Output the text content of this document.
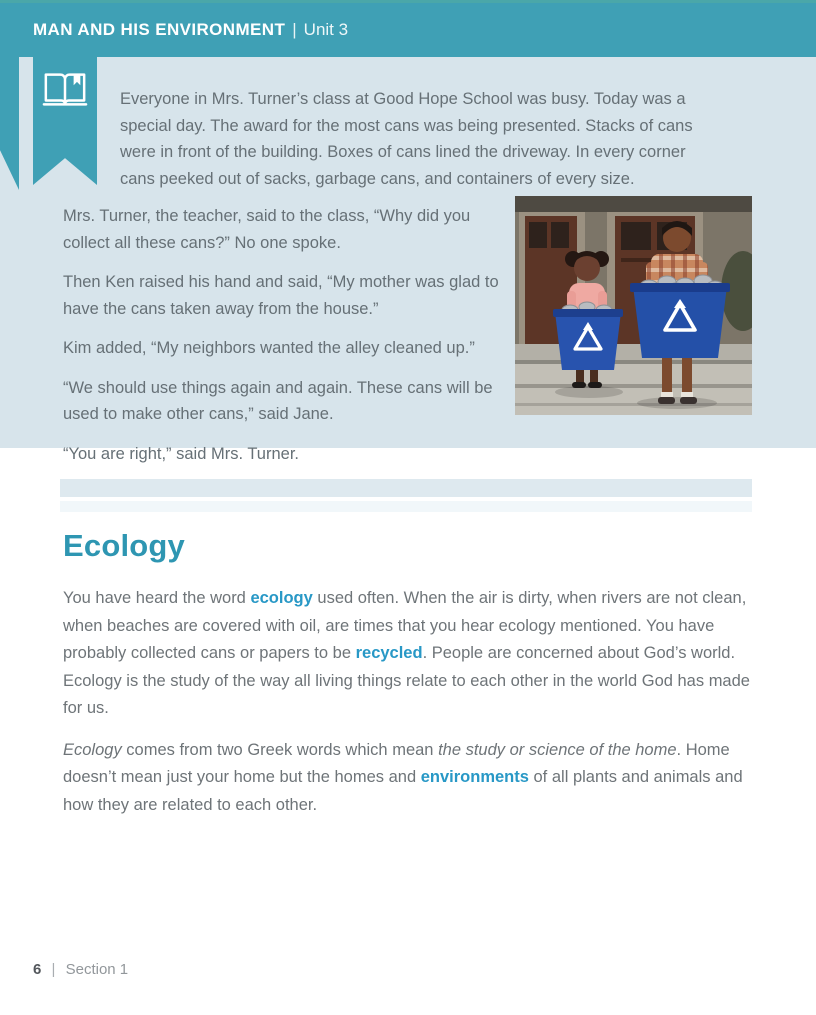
MAN AND HIS ENVIRONMENT | Unit 3

Everyone in Mrs. Turner’s class at Good Hope School was busy. Today was a special day. The award for the most cans was being presented. Stacks of cans were in front of the building. Boxes of cans lined the driveway. In every corner cans peeked out of sacks, garbage cans, and containers of every size.

Mrs. Turner, the teacher, said to the class, “Why did you collect all these cans?” No one spoke.

Then Ken raised his hand and said, “My mother was glad to have the cans taken away from the house.”

Kim added, “My neighbors wanted the alley cleaned up.”

“We should use things again and again. These cans will be used to make other cans,” said Jane.

“You are right,” said Mrs. Turner.

Ecology

You have heard the word ecology used often. When the air is dirty, when rivers are not clean, when beaches are covered with oil, are times that you hear ecology mentioned. You have probably collected cans or papers to be recycled. People are concerned about God’s world. Ecology is the study of the way all living things relate to each other in the world God has made for us.

Ecology comes from two Greek words which mean the study or science of the home. Home doesn’t mean just your home but the homes and environments of all plants and animals and how they are related to each other.

6 | Section 1
